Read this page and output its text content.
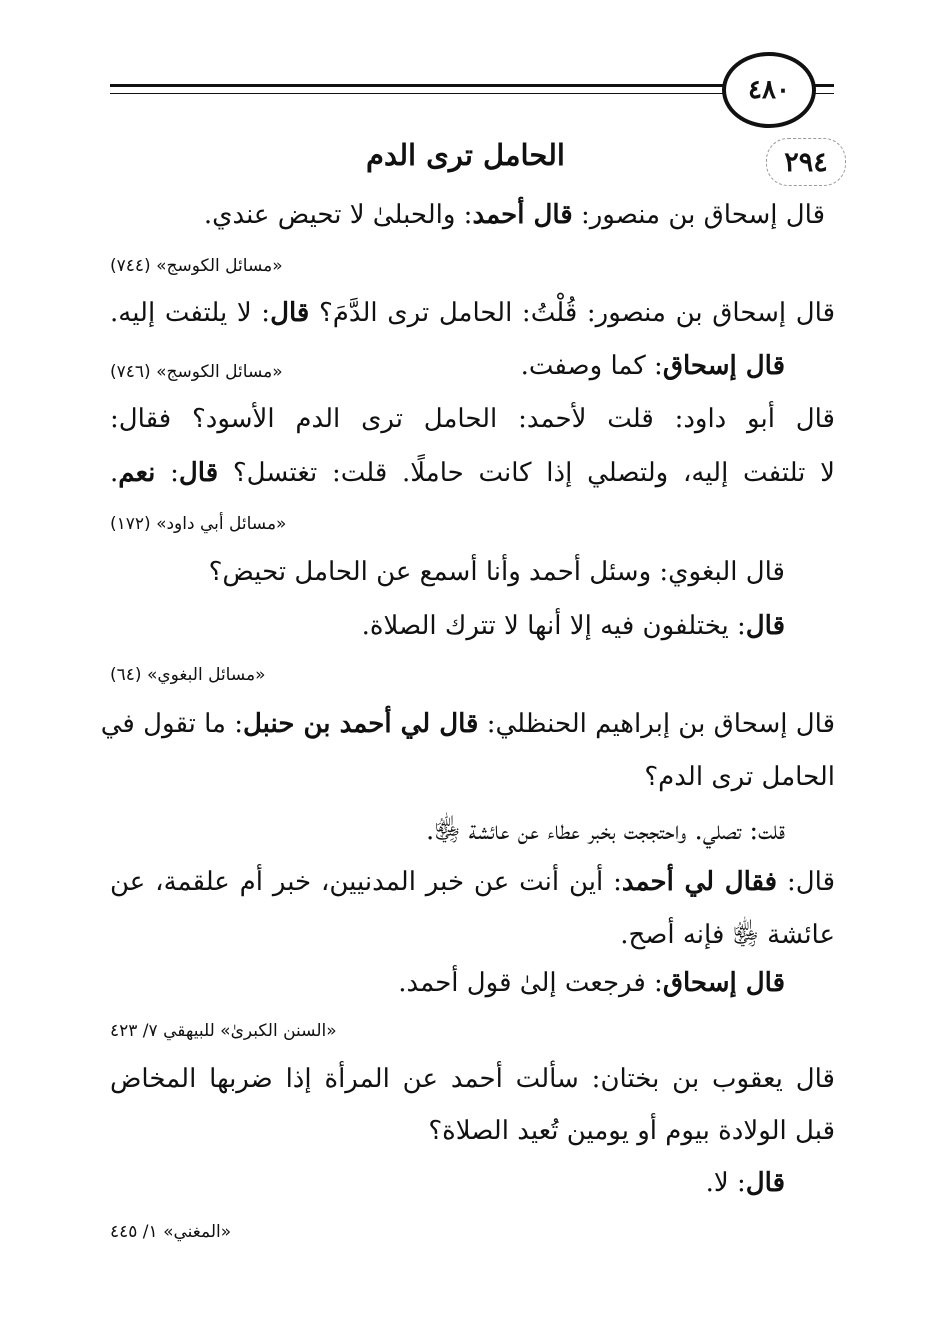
٤٨٠
٢٩٤
الحامل ترى الدم
قال إسحاق بن منصور: قال أحمد: والحبلىٰ لا تحيض عندي.
«مسائل الكوسج» (٧٤٤)
قال إسحاق بن منصور: قُلْتُ: الحامل ترى الدَّمَ؟ قال: لا يلتفت إليه.
قال إسحاق: كما وصفت.
«مسائل الكوسج» (٧٤٦)
قال أبو داود: قلت لأحمد: الحامل ترى الدم الأسود؟ فقال:
لا تلتفت إليه، ولتصلي إذا كانت حاملًا. قلت: تغتسل؟ قال: نعم.
«مسائل أبي داود» (١٧٢)
قال البغوي: وسئل أحمد وأنا أسمع عن الحامل تحيض؟
قال: يختلفون فيه إلا أنها لا تترك الصلاة.
«مسائل البغوي» (٦٤)
قال إسحاق بن إبراهيم الحنظلي: قال لي أحمد بن حنبل: ما تقول في
الحامل ترى الدم؟
قلت: تصلي. واحتججت بخبر عطاء عن عائشة ﵂.
قال: فقال لي أحمد: أين أنت عن خبر المدنيين، خبر أم علقمة، عن
عائشة ﵂ فإنه أصح.
قال إسحاق: فرجعت إلىٰ قول أحمد.
«السنن الكبرىٰ» للبيهقي ٧/ ٤٢٣
قال يعقوب بن بختان: سألت أحمد عن المرأة إذا ضربها المخاض
قبل الولادة بيوم أو يومين تُعيد الصلاة؟
قال: لا.
«المغني» ١/ ٤٤٥
